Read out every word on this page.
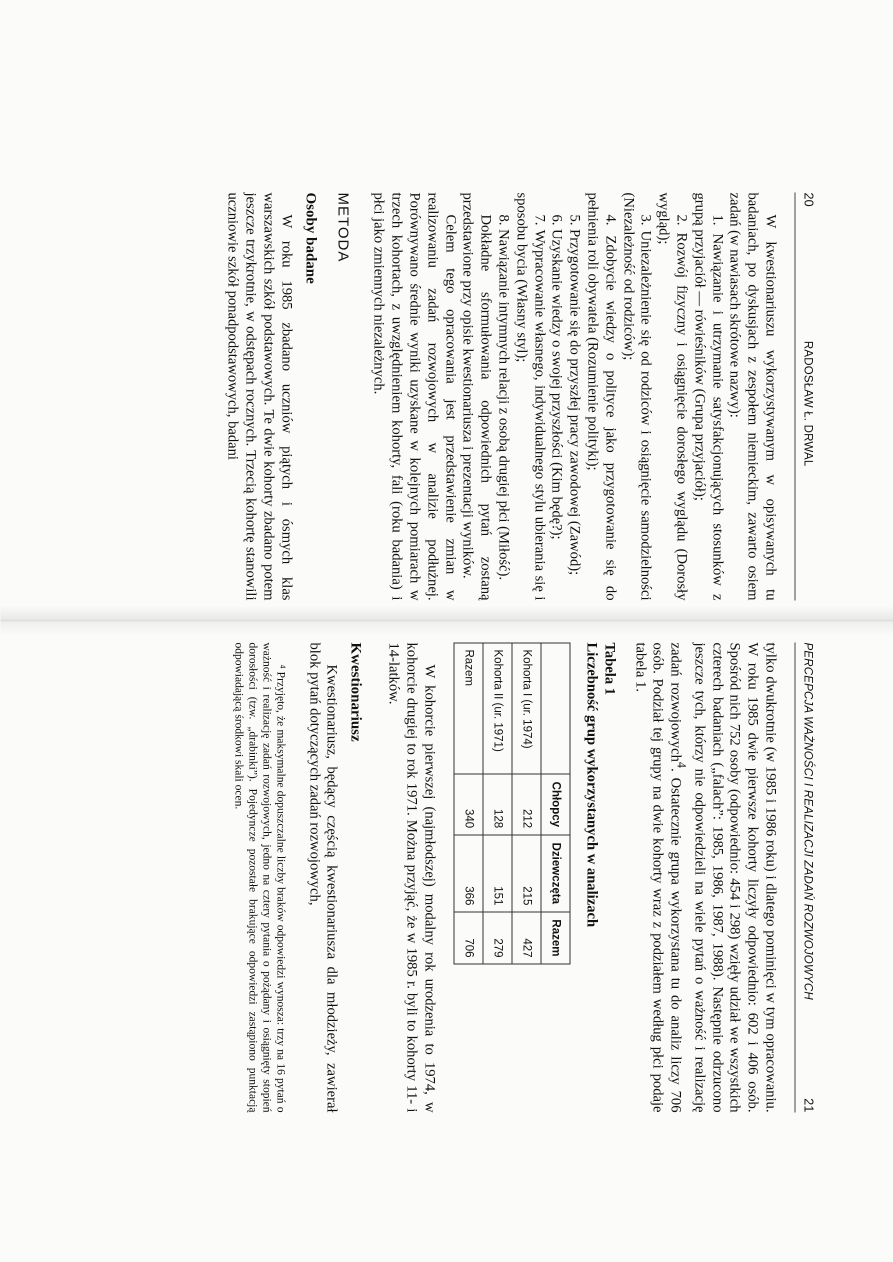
20
RADOSŁAW Ł. DRWAL

W kwestionariuszu wykorzystywanym w opisywanych tu badaniach, po dyskusjach z zespołem niemieckim, zawarto osiem zadań (w nawiasach skrótowe nazwy):

1. Nawiązanie i utrzymanie satysfakcjonujących stosunków z grupą przyjaciół — rówieśników (Grupa przyjaciół);

2. Rozwój fizyczny i osiągnięcie dorosłego wyglądu (Dorosły wygląd);

3. Uniezależnienie się od rodziców i osiągnięcie samodzielności (Niezależność od rodziców);

4. Zdobycie wiedzy o polityce jako przygotowanie się do pełnienia roli obywatela (Rozumienie polityki);

5. Przygotowanie się do przyszłej pracy zawodowej (Zawód);

6. Uzyskanie wiedzy o swojej przyszłości (Kim będę?);

7. Wypracowanie własnego, indywidualnego stylu ubierania się i sposobu bycia (Własny styl);

8. Nawiązanie intymnych relacji z osobą drugiej płci (Miłość).

Dokładne sformułowania odpowiednich pytań zostaną przedstawione przy opisie kwestionariusza i prezentacji wyników.

Celem tego opracowania jest przedstawienie zmian w realizowaniu zadań rozwojowych w analizie podłużnej. Porównywano średnie wyniki uzyskane w kolejnych pomiarach w trzech kohortach, z uwzględnieniem kohorty, fali (roku badania) i płci jako zmiennych niezależnych.

METODA
Osoby badane

W roku 1985 zbadano uczniów piątych i ósmych klas warszawskich szkół podstawowych. Te dwie kohorty zbadano potem jeszcze trzykrotnie, w odstępach rocznych. Trzecią kohortę stanowili uczniowie szkół ponadpodstawowych, badani

PERCEPCJA WAŻNOŚCI I REALIZACJI ZADAŃ ROZWOJOWYCH
21

tylko dwukrotnie (w 1985 i 1986 roku) i dlatego pominięci w tym opracowaniu. W roku 1985 dwie pierwsze kohorty liczyły odpowiednio: 602 i 406 osób. Spośród nich 752 osoby (odpowiednio: 454 i 298) wzięły udział we wszystkich czterech badaniach („falach”: 1985, 1986, 1987, 1988). Następnie odrzucono jeszcze tych, którzy nie odpowiedzieli na wiele pytań o ważność i realizację zadań rozwojowych$^4$. Ostatecznie grupa wykorzystana tu do analiz liczy 706 osób. Podział tej grupy na dwie kohorty wraz z podziałem według płci podaje tabela 1.

Tabela 1
Liczebność grup wykorzystanych w analizach
	Chłopcy	Dziewczęta	Razem
Kohorta I (ur. 1974)	212	215	427
Kohorta II (ur. 1971)	128	151	279
Razem	340	366	706

W kohorcie pierwszej (najmłodszej) modalny rok urodzenia to 1974, w kohorcie drugiej to rok 1971. Można przyjąć, że w 1985 r. byli to kohorty 11- i 14-latków.

Kwestionariusz

Kwestionariusz, będący częścią kwestionariusza dla młodzieży, zawierał blok pytań dotyczących zadań rozwojowych,

⁴ Przyjęto, że maksymalne dopuszczalne liczby braków odpowiedzi wynosza: trzy na 16 pytań o ważność i realizację zadań rozwojowych, jedno na cztery pytania o pożądany i osiągnięty stopień dorosłości (tzw. „drabinki”). Pojedyncze pozostałe brakujące odpowiedzi zastąpiono punktacją odpowiadającą środkowi skali ocen.
